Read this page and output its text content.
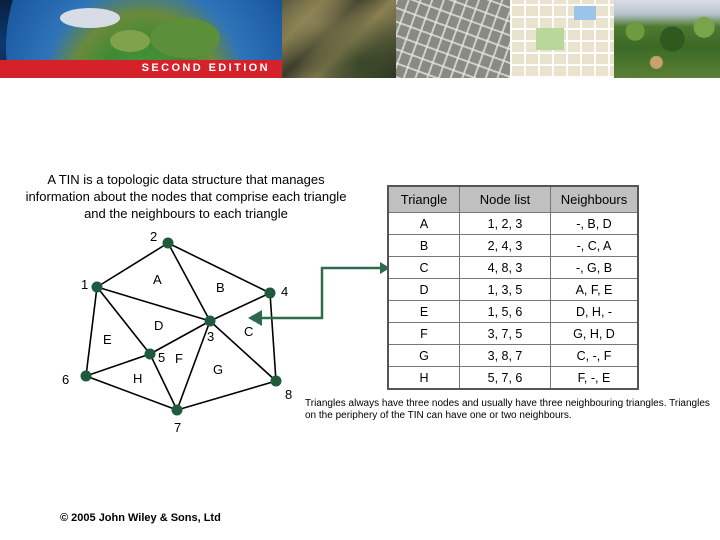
SECOND EDITION
A TIN is a topologic data structure that manages
information about the nodes that comprise each triangle
and the neighbours to each triangle
1
2
3
4
5
6
7
8
A
B
C
D
E
F
G
H
Triangle	Node list	Neighbours
A	1, 2, 3	-, B, D
B	2, 4, 3	-, C, A
C	4, 8, 3	-, G, B
D	1, 3, 5	A, F, E
E	1, 5, 6	D, H, -
F	3, 7, 5	G, H, D
G	3, 8, 7	C, -, F
H	5, 7, 6	F, -, E
Triangles always have three nodes and usually have three neighbouring triangles. Triangles on the periphery of the TIN can have one or two neighbours.
© 2005 John Wiley & Sons, Ltd
